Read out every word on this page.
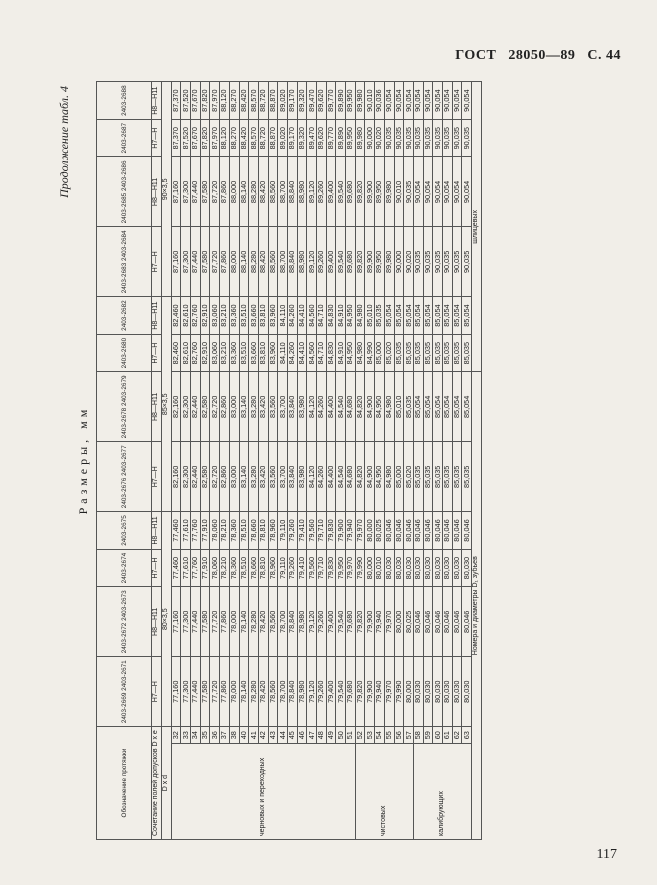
ГОСТ 28050—89 С. 44
Продолжение табл. 4
Размеры, мм
Обозначение протяжки		2403-2669 2403-2671	2403-2672 2403-2673	2403-2674	2403-2675	2403-2676 2403-2677	2403-2678 2403-2679	2403-2680	2403-2682	2403-2683 2403-2684	2403-2685 2403-2686	2403-2687	2403-2688
Сочетание полей допусков D x e		H7—H	H8—H11	H7—H	H8—H11	H7—H	H8—H11	H7—H	H8—H11	H7—H	H8—H11	H7—H	H8—H11
D x d		80×3,5				85×3,5				90×3,5			
черновых и переходных	32	77,160	77,160	77,460	77,460	82,160	82,160	82,460	82,460	87,160	87,160	87,370	87,370
	33	77,300	77,300	77,610	77,610	82,300	82,300	82,610	82,610	87,300	87,300	87,520	87,520
	34	77,440	77,440	77,760	77,760	82,440	82,440	82,760	82,760	87,440	87,440	87,670	87,670
	35	77,580	77,580	77,910	77,910	82,580	82,580	82,910	82,910	87,580	87,580	87,820	87,820
	36	77,720	77,720	78,060	78,060	82,720	82,720	83,060	83,060	87,720	87,720	87,970	87,970
	37	77,860	77,860	78,210	78,210	82,860	82,860	83,210	83,210	87,860	87,860	88,120	88,120
	38	78,000	78,000	78,360	78,360	83,000	83,000	83,360	83,360	88,000	88,000	88,270	88,270
	40	78,140	78,140	78,510	78,510	83,140	83,140	83,510	83,510	88,140	88,140	88,420	88,420
	41	78,280	78,280	78,660	78,660	83,280	83,280	83,660	83,660	88,280	88,280	88,570	88,570
	42	78,420	78,420	78,810	78,810	83,420	83,420	83,810	83,810	88,420	88,420	88,720	88,720
	43	78,560	78,560	78,960	78,960	83,560	83,560	83,960	83,960	88,560	88,560	88,870	88,870
	44	78,700	78,700	79,110	79,110	83,700	83,700	84,110	84,110	88,700	88,700	89,020	89,020
	45	78,840	78,840	79,260	79,260	83,840	83,840	84,260	84,260	88,840	88,840	89,170	89,170
	46	78,980	78,980	79,410	79,410	83,980	83,980	84,410	84,410	88,980	88,980	89,320	89,320
	47	79,120	79,120	79,560	79,560	84,120	84,120	84,560	84,560	89,120	89,120	89,470	89,470
	48	79,260	79,260	79,710	79,710	84,260	84,260	84,710	84,710	89,260	89,260	89,620	89,620
	49	79,400	79,400	79,830	79,830	84,400	84,400	84,830	84,830	89,400	89,400	89,770	89,770
	50	79,540	79,540	79,950	79,900	84,540	84,540	84,910	84,910	89,540	89,540	89,890	89,890
	51	79,680	79,680	79,970	79,940	84,680	84,680	84,950	84,950	89,680	89,680	89,950	89,950
чистовых	52	79,820	79,820	79,990	79,970	84,820	84,820	84,980	84,980	89,820	89,820	89,980	89,980
	53	79,900	79,900	80,000	80,000	84,900	84,900	84,990	85,010	89,900	89,900	90,000	90,010
	54	79,940	79,940	80,010	80,025	84,950	84,950	85,000	85,035	89,950	89,950	90,020	90,036
	55	79,970	79,970	80,030	80,046	84,980	84,980	85,020	85,054	89,980	89,980	90,035	90,054
	56	79,990	80,000	80,030	80,046	85,000	85,010	85,035	85,054	90,000	90,010	90,035	90,054
	57	80,000	80,025	80,030	80,046	85,020	85,035	85,035	85,054	90,020	90,035	90,035	90,054
калибрующих	58	80,030	80,046	80,030	80,046	85,035	85,054	85,035	85,054	90,035	90,054	90,035	90,054
	59	80,030	80,046	80,030	80,046	85,035	85,054	85,035	85,054	90,035	90,054	90,035	90,054
	60	80,030	80,046	80,030	80,046	85,035	85,054	85,035	85,054	90,035	90,054	90,035	90,054
	61	80,030	80,046	80,030	80,046	85,035	85,054	85,035	85,054	90,035	90,054	90,035	90,054
	62	80,030	80,046	80,030	80,046	85,035	85,054	85,035	85,054	90,035	90,054	90,035	90,054
	63	80,030	80,046	80,030	80,046	85,035	85,054	85,035	85,054	90,035	90,054	90,035	90,054
Номера и диаметры D₁ зубьев								шлицевых					
117
